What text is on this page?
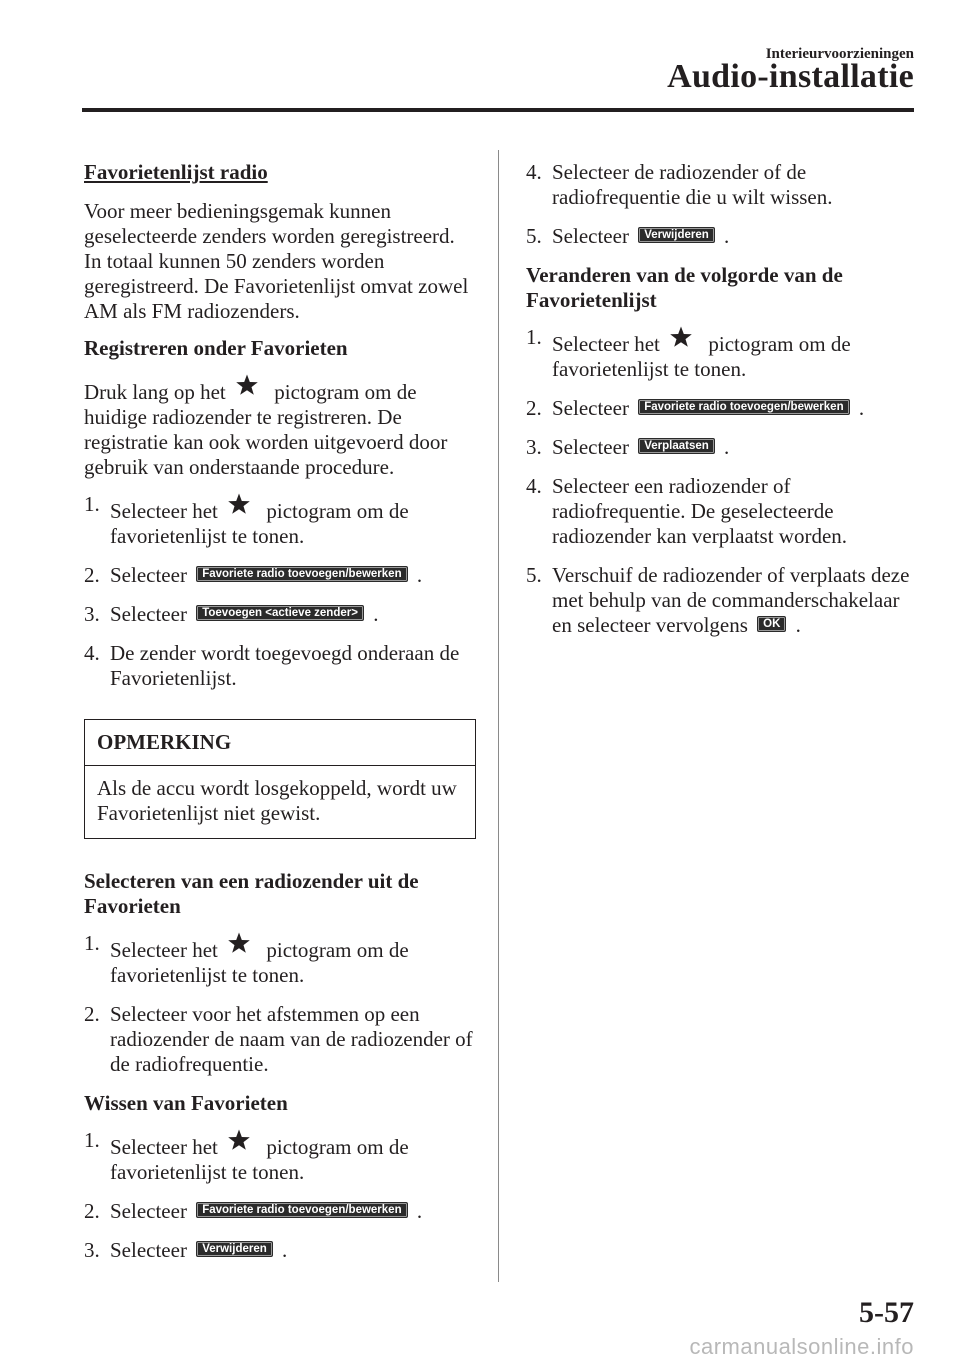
Interieurvoorzieningen
Audio-installatie
Favorietenlijst radio

Voor meer bedieningsgemak kunnen geselecteerde zenders worden geregistreerd. In totaal kunnen 50 zenders worden geregistreerd. De Favorietenlijst omvat zowel AM als FM radiozenders.

Registreren onder Favorieten

Druk lang op het pictogram om de huidige radiozender te registreren. De registratie kan ook worden uitgevoerd door gebruik van onderstaande procedure.

1. Selecteer het pictogram om de favorietenlijst te tonen.
2. Selecteer Favoriete radio toevoegen/bewerken .
3. Selecteer Toevoegen <actieve zender> .
4. De zender wordt toegevoegd onderaan de Favorietenlijst.
OPMERKING
Als de accu wordt losgekoppeld, wordt uw Favorietenlijst niet gewist.
Selecteren van een radiozender uit de Favorieten
1. Selecteer het pictogram om de favorietenlijst te tonen.
2. Selecteer voor het afstemmen op een radiozender de naam van de radiozender of de radiofrequentie.
Wissen van Favorieten
1. Selecteer het pictogram om de favorietenlijst te tonen.
2. Selecteer Favoriete radio toevoegen/bewerken .
3. Selecteer Verwijderen .
4. Selecteer de radiozender of de radiofrequentie die u wilt wissen.
5. Selecteer Verwijderen .
Veranderen van de volgorde van de Favorietenlijst
1. Selecteer het pictogram om de favorietenlijst te tonen.
2. Selecteer Favoriete radio toevoegen/bewerken .
3. Selecteer Verplaatsen .
4. Selecteer een radiozender of radiofrequentie. De geselecteerde radiozender kan verplaatst worden.
5. Verschuif de radiozender of verplaats deze met behulp van de commanderschakelaar en selecteer vervolgens OK .
5-57
carmanualsonline.info
